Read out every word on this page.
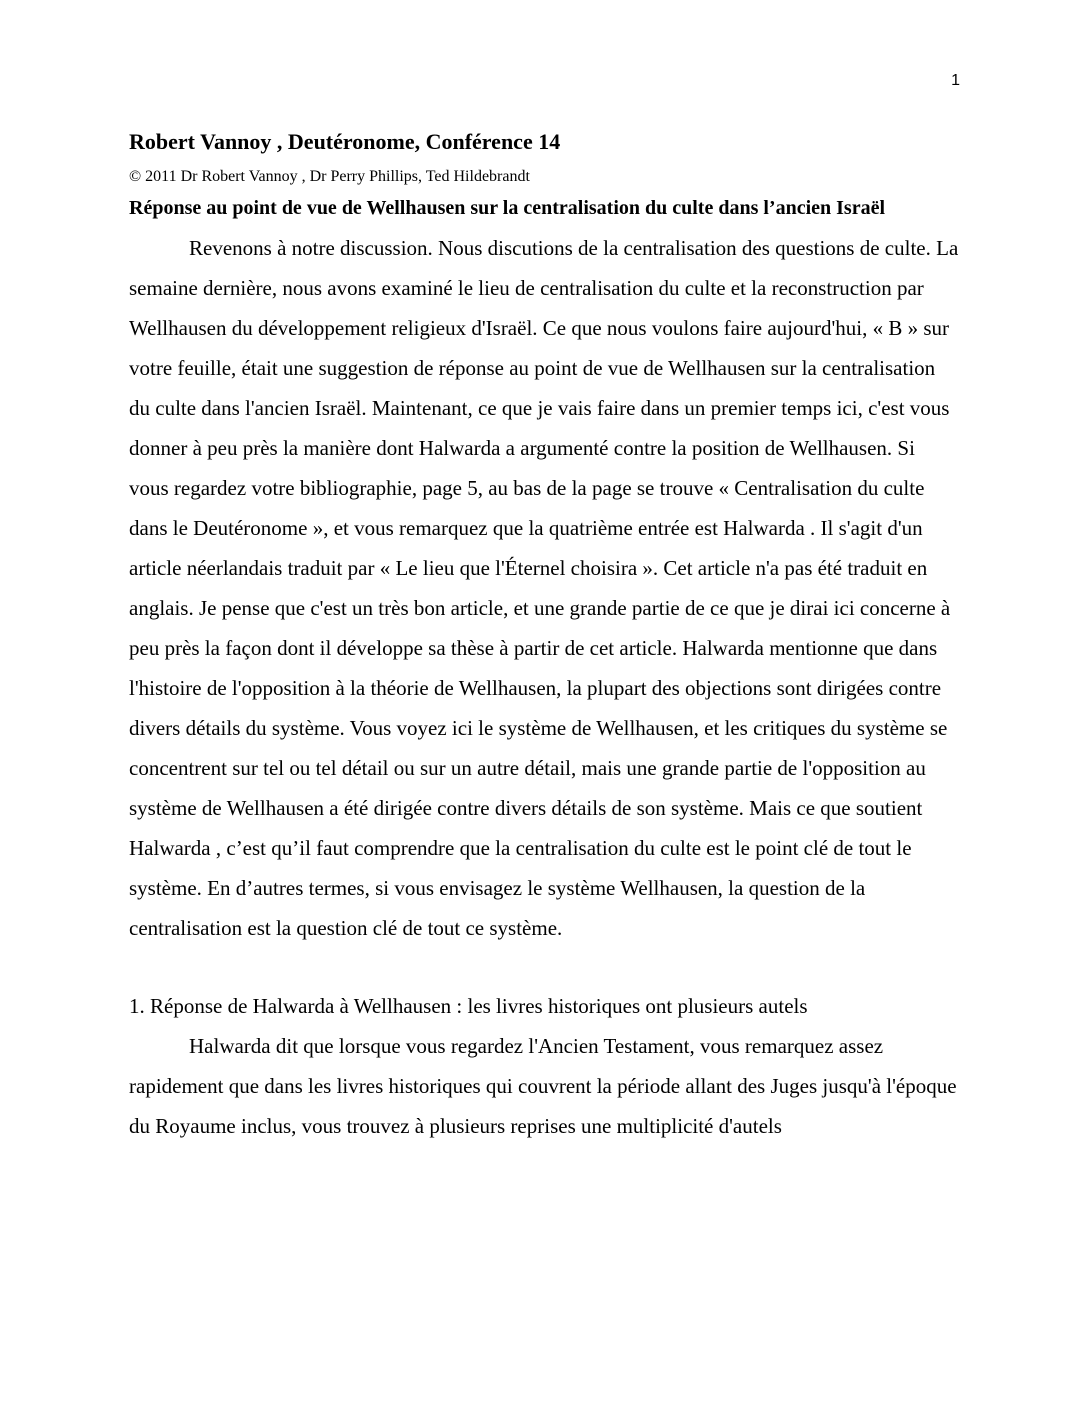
1
Robert Vannoy , Deutéronome, Conférence 14

© 2011 Dr Robert Vannoy , Dr Perry Phillips, Ted Hildebrandt

Réponse au point de vue de Wellhausen sur la centralisation du culte dans l’ancien Israël

Revenons à notre discussion. Nous discutions de la centralisation des questions de culte. La semaine dernière, nous avons examiné le lieu de centralisation du culte et la reconstruction par Wellhausen du développement religieux d'Israël. Ce que nous voulons faire aujourd'hui, « B » sur votre feuille, était une suggestion de réponse au point de vue de Wellhausen sur la centralisation du culte dans l'ancien Israël. Maintenant, ce que je vais faire dans un premier temps ici, c'est vous donner à peu près la manière dont Halwarda a argumenté contre la position de Wellhausen. Si vous regardez votre bibliographie, page 5, au bas de la page se trouve « Centralisation du culte dans le Deutéronome », et vous remarquez que la quatrième entrée est Halwarda . Il s'agit d'un article néerlandais traduit par « Le lieu que l'Éternel choisira ». Cet article n'a pas été traduit en anglais. Je pense que c'est un très bon article, et une grande partie de ce que je dirai ici concerne à peu près la façon dont il développe sa thèse à partir de cet article. Halwarda mentionne que dans l'histoire de l'opposition à la théorie de Wellhausen, la plupart des objections sont dirigées contre divers détails du système. Vous voyez ici le système de Wellhausen, et les critiques du système se concentrent sur tel ou tel détail ou sur un autre détail, mais une grande partie de l'opposition au système de Wellhausen a été dirigée contre divers détails de son système. Mais ce que soutient Halwarda , c’est qu’il faut comprendre que la centralisation du culte est le point clé de tout le système. En d’autres termes, si vous envisagez le système Wellhausen, la question de la centralisation est la question clé de tout ce système.

1. Réponse de Halwarda à Wellhausen : les livres historiques ont plusieurs autels

Halwarda dit que lorsque vous regardez l'Ancien Testament, vous remarquez assez rapidement que dans les livres historiques qui couvrent la période allant des Juges jusqu'à l'époque du Royaume inclus, vous trouvez à plusieurs reprises une multiplicité d'autels
